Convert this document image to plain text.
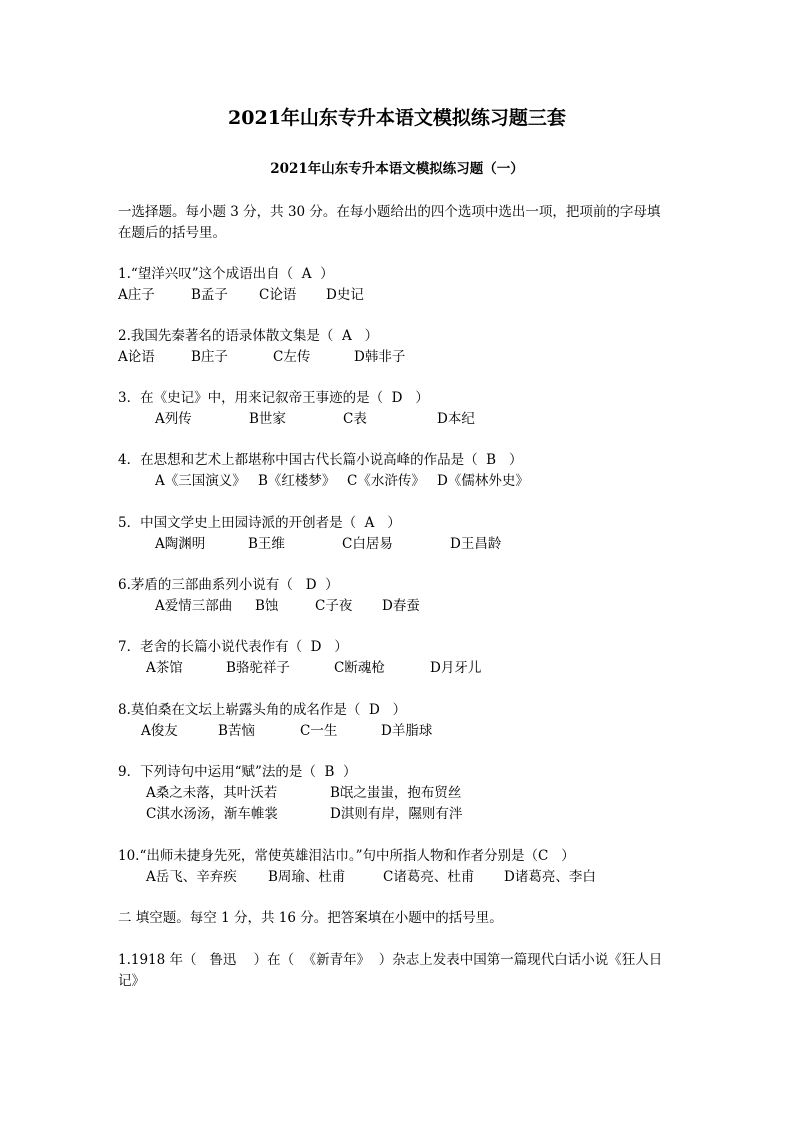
2021年山东专升本语文模拟练习题三套
2021年山东专升本语文模拟练习题（一）
一选择题。每小题 3 分，共 30 分。在每小题给出的四个选项中选出一项，把项前的字母填
在题后的括号里。
1.“望洋兴叹”这个成语出自（  A  ）
A庄子	B孟子 C论语 D史记
2.我国先秦著名的语录体散文集是（  A   ）
A论语	B庄子	C左传	D韩非子
3．在《史记》中，用来记叙帝王事迹的是（  D   ）
A列传	B世家	C表	D本纪
4．在思想和艺术上都堪称中国古代长篇小说高峰的作品是（  B   ）
A《三国演义》 B《红楼梦》 C《水浒传》 D《儒林外史》
5．中国文学史上田园诗派的开创者是（  A   ）
A陶渊明	B王维	C白居易	D王昌龄
6.茅盾的三部曲系列小说有（   D  ）
A爱情三部曲 B蚀	C子夜 D春蚕
7．老舍的长篇小说代表作有（  D   ）
A茶馆	B骆驼祥子	C断魂枪	D月牙儿
8.莫伯桑在文坛上崭露头角的成名作是（  D   ）
A俊友	B苦恼	C一生	D羊脂球
9．下列诗句中运用“赋”法的是（  B  ）
A桑之未落，其叶沃若	B氓之蚩蚩，抱布贸丝
C淇水汤汤，渐车帷裳	D淇则有岸，隰则有泮
10.“出师未捷身先死，常使英雄泪沾巾。”句中所指人物和作者分别是（C   ）
A岳飞、辛弃疾 B周瑜、杜甫	C诸葛亮、杜甫 D诸葛亮、李白
二 填空题。每空 1 分，共 16 分。把答案填在小题中的括号里。
1.1918 年（   鲁迅    ）在（  《新青年》  ）杂志上发表中国第一篇现代白话小说《狂人日
记》
